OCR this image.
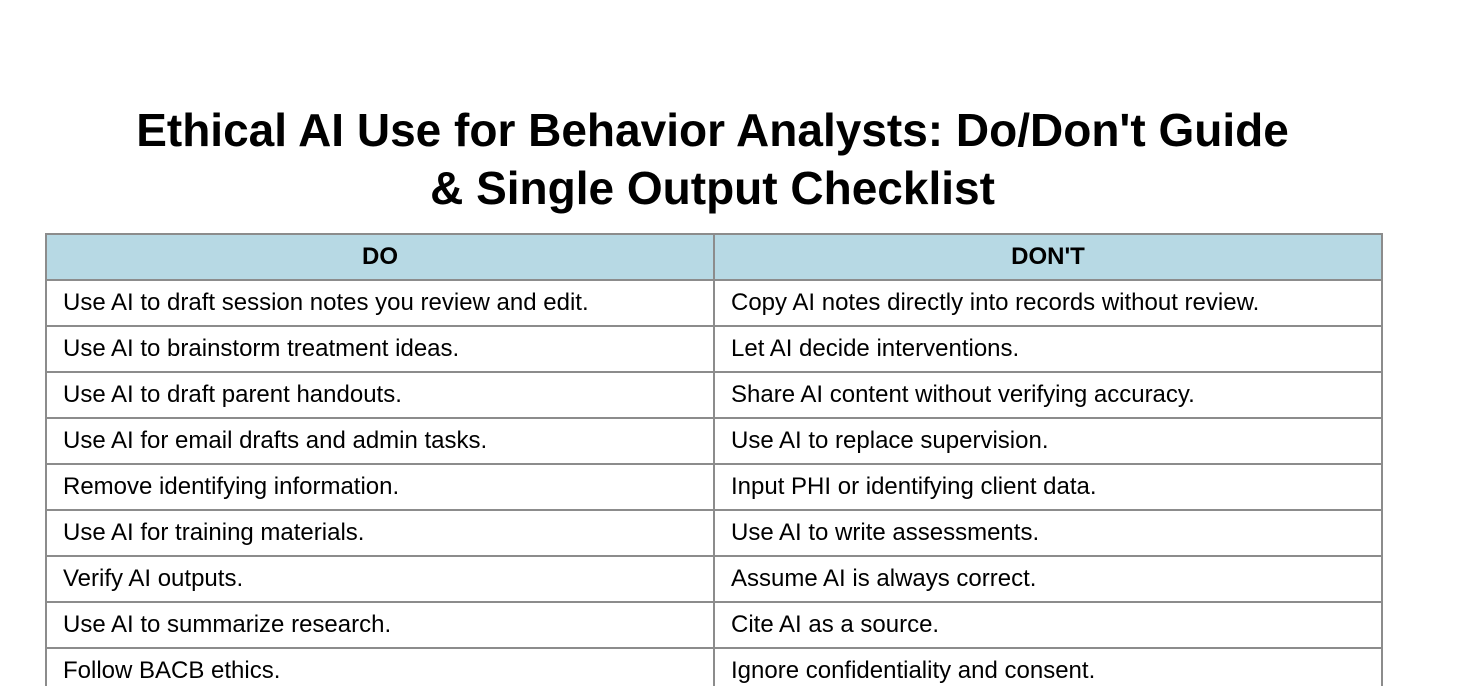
Ethical AI Use for Behavior Analysts: Do/Don't Guide
& Single Output Checklist
DO	DON'T
Use AI to draft session notes you review and edit.	Copy AI notes directly into records without review.
Use AI to brainstorm treatment ideas.	Let AI decide interventions.
Use AI to draft parent handouts.	Share AI content without verifying accuracy.
Use AI for email drafts and admin tasks.	Use AI to replace supervision.
Remove identifying information.	Input PHI or identifying client data.
Use AI for training materials.	Use AI to write assessments.
Verify AI outputs.	Assume AI is always correct.
Use AI to summarize research.	Cite AI as a source.
Follow BACB ethics.	Ignore confidentiality and consent.
